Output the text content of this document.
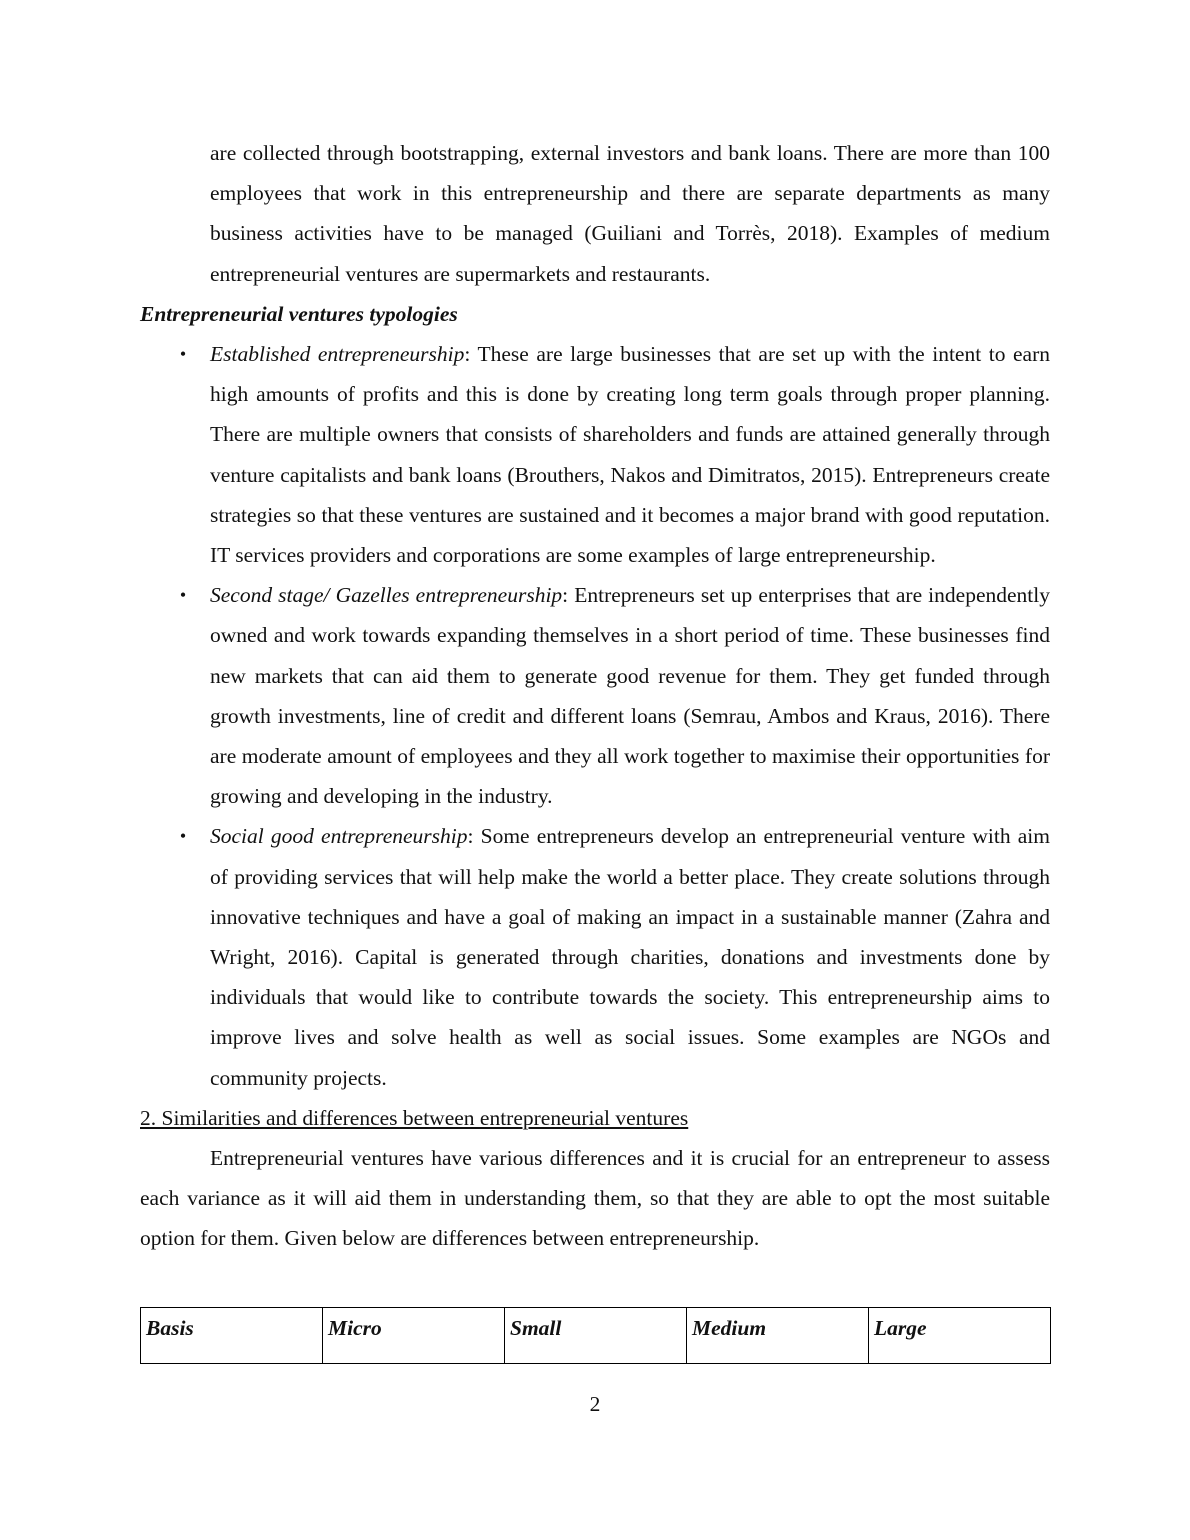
are collected through bootstrapping, external investors and bank loans. There are more than 100 employees that work in this entrepreneurship and there are separate departments as many business activities have to be managed (Guiliani and Torrès, 2018). Examples of medium entrepreneurial ventures are supermarkets and restaurants.

Entrepreneurial ventures typologies

• Established entrepreneurship: These are large businesses that are set up with the intent to earn high amounts of profits and this is done by creating long term goals through proper planning. There are multiple owners that consists of shareholders and funds are attained generally through venture capitalists and bank loans (Brouthers, Nakos and Dimitratos, 2015). Entrepreneurs create strategies so that these ventures are sustained and it becomes a major brand with good reputation. IT services providers and corporations are some examples of large entrepreneurship.
• Second stage/ Gazelles entrepreneurship: Entrepreneurs set up enterprises that are independently owned and work towards expanding themselves in a short period of time. These businesses find new markets that can aid them to generate good revenue for them. They get funded through growth investments, line of credit and different loans (Semrau, Ambos and Kraus, 2016). There are moderate amount of employees and they all work together to maximise their opportunities for growing and developing in the industry.
• Social good entrepreneurship: Some entrepreneurs develop an entrepreneurial venture with aim of providing services that will help make the world a better place. They create solutions through innovative techniques and have a goal of making an impact in a sustainable manner (Zahra and Wright, 2016). Capital is generated through charities, donations and investments done by individuals that would like to contribute towards the society. This entrepreneurship aims to improve lives and solve health as well as social issues. Some examples are NGOs and community projects.

2. Similarities and differences between entrepreneurial ventures

Entrepreneurial ventures have various differences and it is crucial for an entrepreneur to assess each variance as it will aid them in understanding them, so that they are able to opt the most suitable option for them. Given below are differences between entrepreneurship.

Basis	Micro	Small	Medium	Large
2
